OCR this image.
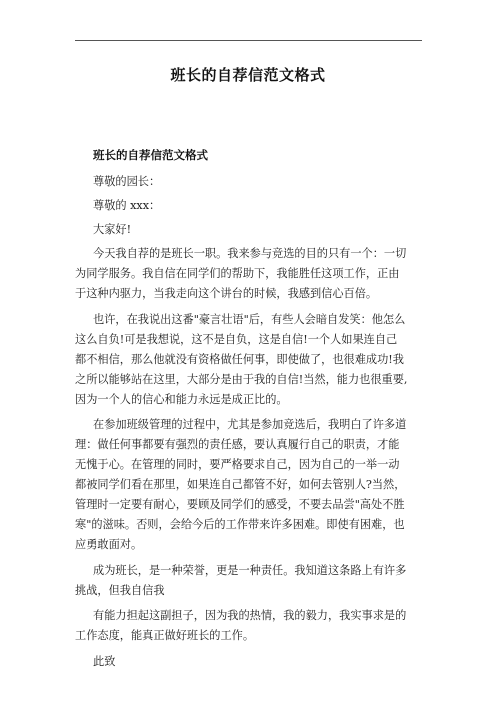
班长的自荐信范文格式
班长的自荐信范文格式
尊敬的园长：
尊敬的 xxx：
大家好!
今天我自荐的是班长一职。我来参与竞选的目的只有一个：一切
为同学服务。我自信在同学们的帮助下，我能胜任这项工作，正由
于这种内驱力，当我走向这个讲台的时候，我感到信心百倍。
也许，在我说出这番"豪言壮语"后，有些人会暗自发笑：他怎么
这么自负!可是我想说，这不是自负，这是自信!一个人如果连自己
都不相信，那么他就没有资格做任何事，即使做了，也很难成功!我
之所以能够站在这里，大部分是由于我的自信!当然，能力也很重要,
因为一个人的信心和能力永远是成正比的。
在参加班级管理的过程中，尤其是参加竞选后，我明白了许多道
理：做任何事都要有强烈的责任感，要认真履行自己的职责，才能
无愧于心。在管理的同时，要严格要求自己，因为自己的一举一动
都被同学们看在那里，如果连自己都管不好，如何去管别人?当然，
管理时一定要有耐心，要顾及同学们的感受，不要去品尝"高处不胜
寒"的滋味。否则，会给今后的工作带来许多困难。即使有困难，也
应勇敢面对。
成为班长，是一种荣誉，更是一种责任。我知道这条路上有许多
挑战，但我自信我
有能力担起这副担子，因为我的热情，我的毅力，我实事求是的
工作态度，能真正做好班长的工作。
此致
